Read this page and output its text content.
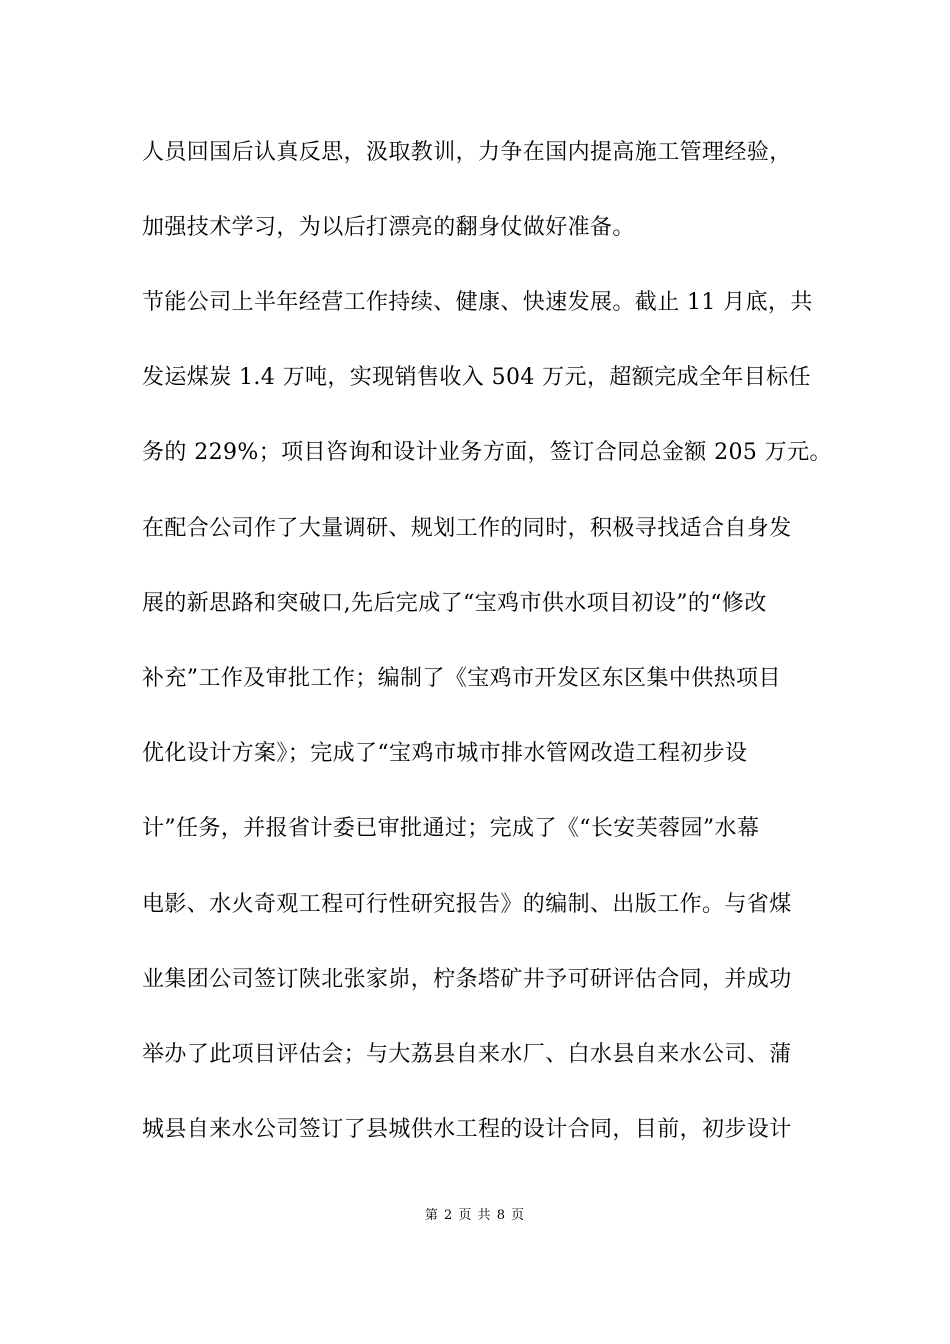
人员回国后认真反思，汲取教训，力争在国内提高施工管理经验，
加强技术学习，为以后打漂亮的翻身仗做好准备。
节能公司上半年经营工作持续、健康、快速发展。截止 11 月底，共
发运煤炭 1.4 万吨，实现销售收入 504 万元，超额完成全年目标任
务的 229%；项目咨询和设计业务方面，签订合同总金额 205 万元。
在配合公司作了大量调研、规划工作的同时，积极寻找适合自身发
展的新思路和突破口,先后完成了“宝鸡市供水项目初设”的“修改
补充”工作及审批工作；编制了《宝鸡市开发区东区集中供热项目
优化设计方案》；完成了“宝鸡市城市排水管网改造工程初步设
计”任务，并报省计委已审批通过；完成了《“长安芙蓉园”水幕
电影、水火奇观工程可行性研究报告》的编制、出版工作。与省煤
业集团公司签订陕北张家峁，柠条塔矿井予可研评估合同，并成功
举办了此项目评估会；与大荔县自来水厂、白水县自来水公司、蒲
城县自来水公司签订了县城供水工程的设计合同，目前，初步设计
第 2 页 共 8 页
